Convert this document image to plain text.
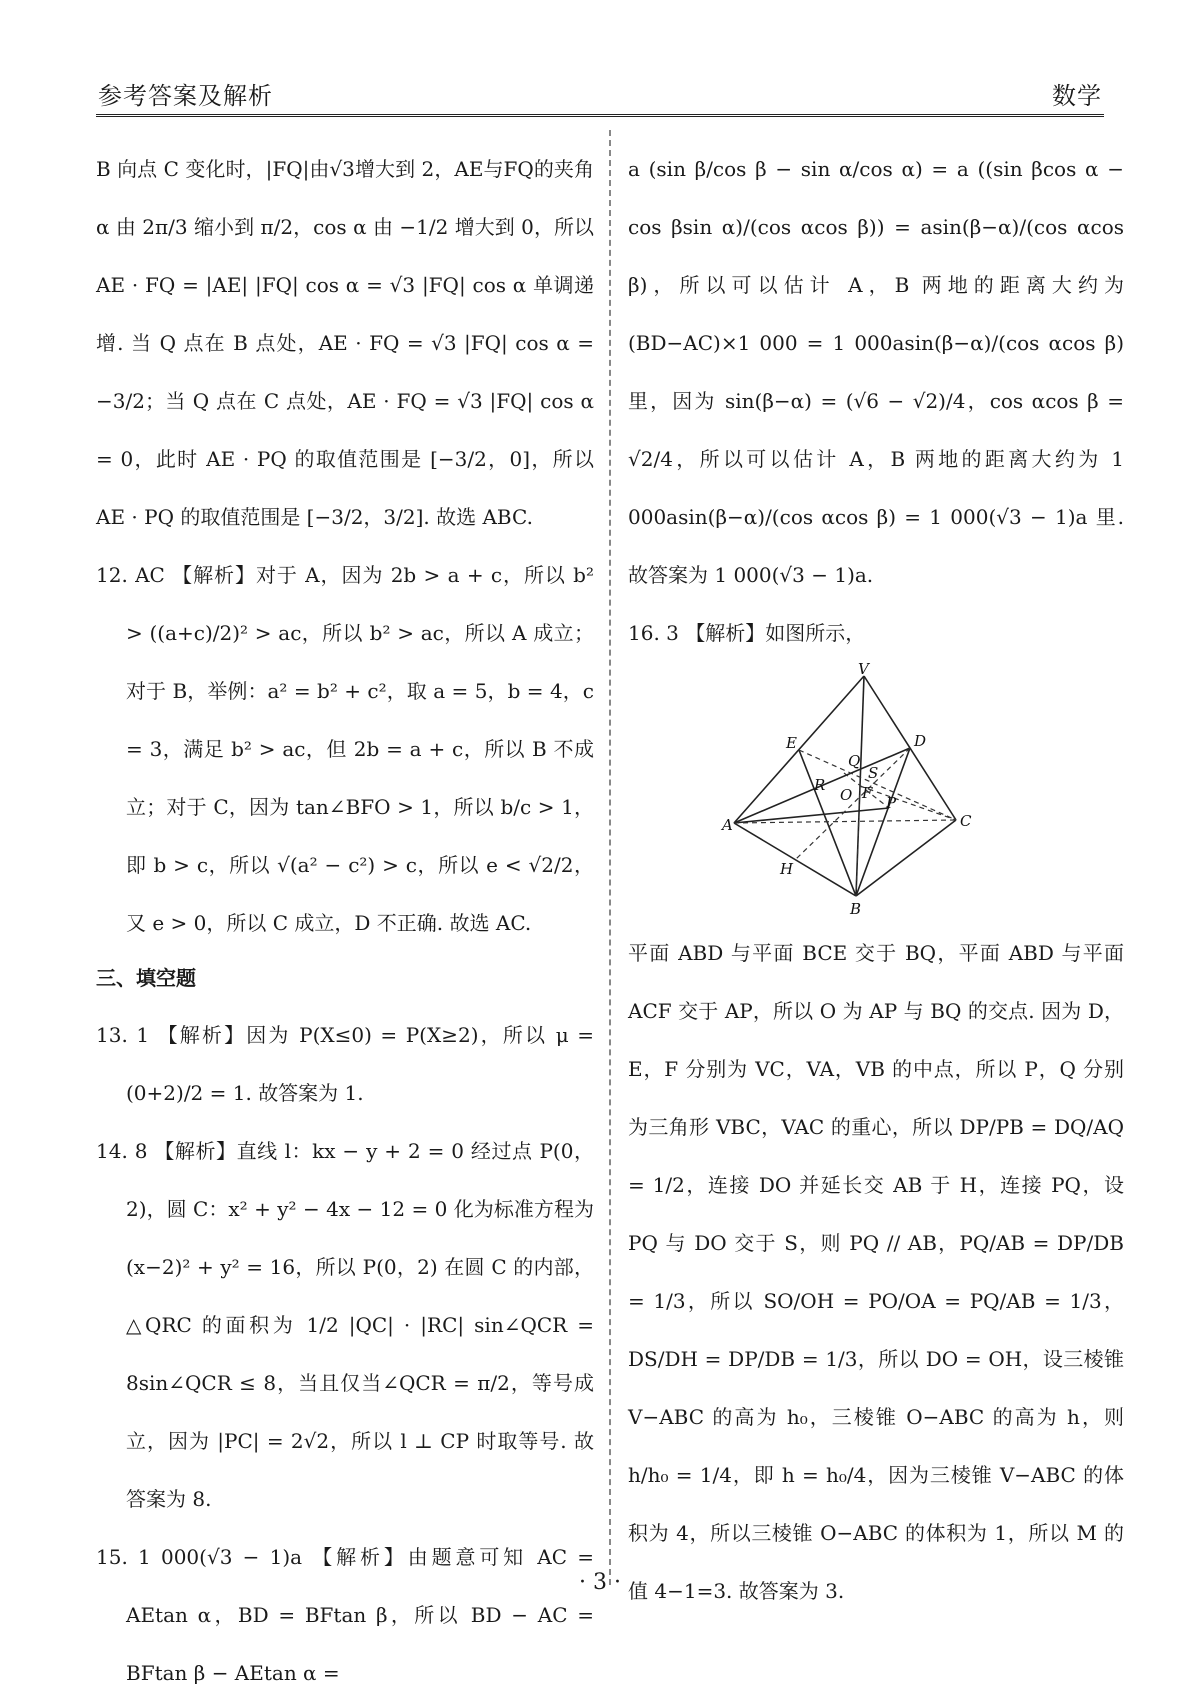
参考答案及解析	数学

B 向点 C 变化时，|FQ|由√3增大到 2，AE与FQ的夹角 α 由 2π/3 缩小到 π/2，cos α 由 −1/2 增大到 0，所以AE · FQ = |AE| |FQ| cos α = √3 |FQ| cos α 单调递增. 当 Q 点在 B 点处，AE · FQ = √3 |FQ| cos α = −3/2；当 Q 点在 C 点处，AE · FQ = √3 |FQ| cos α = 0，此时 AE · PQ 的取值范围是 [−3/2，0]，所以 AE · PQ 的取值范围是 [−3/2，3/2]. 故选 ABC.

12. AC 【解析】对于 A，因为 2b > a + c，所以 b² > ((a+c)/2)² > ac，所以 b² > ac，所以 A 成立；对于 B，举例：a² = b² + c²，取 a = 5，b = 4，c = 3，满足 b² > ac，但 2b = a + c，所以 B 不成立；对于 C，因为 tan∠BFO > 1，所以 b/c > 1，即 b > c，所以 √(a² − c²) > c，所以 e < √2/2，又 e > 0，所以 C 成立，D 不正确. 故选 AC.

三、填空题

13. 1 【解析】因为 P(X≤0) = P(X≥2)，所以 μ = (0+2)/2 = 1. 故答案为 1.

14. 8 【解析】直线 l：kx − y + 2 = 0 经过点 P(0，2)，圆 C：x² + y² − 4x − 12 = 0 化为标准方程为 (x−2)² + y² = 16，所以 P(0，2) 在圆 C 的内部，△QRC 的面积为 1/2 |QC| · |RC| sin∠QCR = 8sin∠QCR ≤ 8，当且仅当∠QCR = π/2，等号成立，因为 |PC| = 2√2，所以 l ⊥ CP 时取等号. 故答案为 8.

15. 1 000(√3 − 1)a 【解析】由题意可知 AC = AEtan α，BD = BFtan β，所以 BD − AC = BFtan β − AEtan α =

a (sin β/cos β − sin α/cos α) = a ((sin βcos α − cos βsin α)/(cos αcos β)) = asin(β−α)/(cos αcos β)，所以可以估计 A，B 两地的距离大约为 (BD−AC)×1 000 = 1 000asin(β−α)/(cos αcos β) 里，因为 sin(β−α) = (√6 − √2)/4，cos αcos β = √2/4，所以可以估计 A，B 两地的距离大约为 1 000asin(β−α)/(cos αcos β) = 1 000(√3 − 1)a 里. 故答案为 1 000(√3 − 1)a.

16. 3 【解析】如图所示，

V
E	D
Q
S
R
O F
P
A	C
H
B

平面 ABD 与平面 BCE 交于 BQ，平面 ABD 与平面 ACF 交于 AP，所以 O 为 AP 与 BQ 的交点. 因为 D，E，F 分别为 VC，VA，VB 的中点，所以 P，Q 分别为三角形 VBC，VAC 的重心，所以 DP/PB = DQ/AQ = 1/2，连接 DO 并延长交 AB 于 H，连接 PQ，设 PQ 与 DO 交于 S，则 PQ // AB，PQ/AB = DP/DB = 1/3，所以 SO/OH = PO/OA = PQ/AB = 1/3，DS/DH = DP/DB = 1/3，所以 DO = OH，设三棱锥 V−ABC 的高为 h₀，三棱锥 O−ABC 的高为 h，则 h/h₀ = 1/4，即 h = h₀/4，因为三棱锥 V−ABC 的体积为 4，所以三棱锥 O−ABC 的体积为 1，所以 M 的值 4−1=3. 故答案为 3.

· 3 ·
